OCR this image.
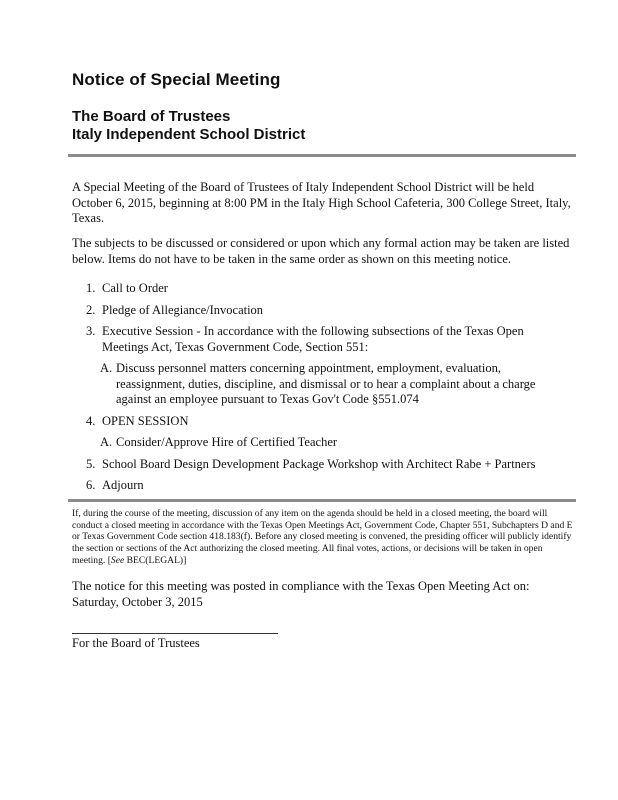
Notice of Special Meeting
The Board of Trustees
Italy Independent School District

A Special Meeting of the Board of Trustees of Italy Independent School District will be held October 6, 2015, beginning at 8:00 PM in the Italy High School Cafeteria, 300 College Street, Italy, Texas.

The subjects to be discussed or considered or upon which any formal action may be taken are listed below. Items do not have to be taken in the same order as shown on this meeting notice.

1. Call to Order
2. Pledge of Allegiance/Invocation
3. Executive Session - In accordance with the following subsections of the Texas Open Meetings Act, Texas Government Code, Section 551:
A. Discuss personnel matters concerning appointment, employment, evaluation, reassignment, duties, discipline, and dismissal or to hear a complaint about a charge against an employee pursuant to Texas Gov't Code §551.074
4. OPEN SESSION
A. Consider/Approve Hire of Certified Teacher
5. School Board Design Development Package Workshop with Architect Rabe + Partners
6. Adjourn

If, during the course of the meeting, discussion of any item on the agenda should be held in a closed meeting, the board will conduct a closed meeting in accordance with the Texas Open Meetings Act, Government Code, Chapter 551, Subchapters D and E or Texas Government Code section 418.183(f). Before any closed meeting is convened, the presiding officer will publicly identify the section or sections of the Act authorizing the closed meeting. All final votes, actions, or decisions will be taken in open meeting. [See BEC(LEGAL)]

The notice for this meeting was posted in compliance with the Texas Open Meeting Act on:
Saturday, October 3, 2015
For the Board of Trustees
